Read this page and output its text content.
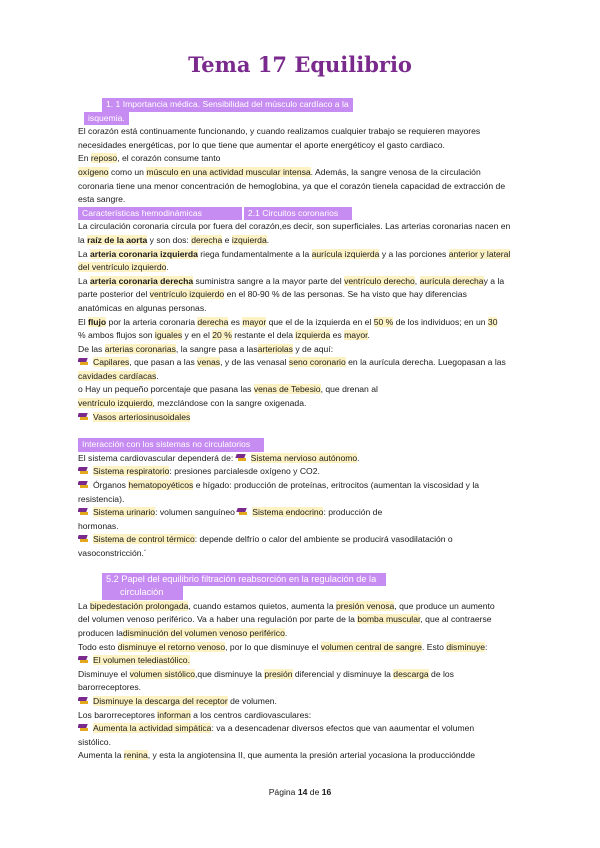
Tema 17 Equilibrio
1. 1 Importancia médica. Sensibilidad del músculo cardíaco a la
isquemia.
El corazón está continuamente funcionando, y cuando realizamos cualquier trabajo se requieren mayores
necesidades energéticas, por lo que tiene que aumentar el aporte energéticoy el gasto cardiaco.
En reposo, el corazón consume tanto
oxígeno como un músculo en una actividad muscular intensa. Además, la sangre venosa de la circulación
coronaria tiene una menor concentración de hemoglobina, ya que el corazón tienela capacidad de extracción de
esta sangre.
Características hemodinámicas	2.1 Circuitos coronarios
La circulación coronaria circula por fuera del corazón,es decir, son superficiales. Las arterias coronarias nacen en
la raíz de la aorta y son dos: derecha e izquierda.
La arteria coronaria izquierda riega fundamentalmente a la aurícula izquierda y a las porciones anterior y lateral
del ventrículo izquierdo.
La arteria coronaria derecha suministra sangre a la mayor parte del ventrículo derecho, aurícula derechay a la
parte posterior del ventrículo izquierdo en el 80-90 % de las personas. Se ha visto que hay diferencias
anatómicas en algunas personas.
El flujo por la arteria coronaria derecha es mayor que el de la izquierda en el 50 % de los individuos; en un 30
% ambos flujos son iguales y en el 20 % restante el dela izquierda es mayor.
De las arterias coronarias, la sangre pasa a lasarteriolas y de aquí:
Capilares, que pasan a las venas, y de las venasal seno coronario en la aurícula derecha. Luegopasan a las
cavidades cardíacas.
o Hay un pequeño porcentaje que pasana las venas de Tebesio, que drenan al
ventrículo izquierdo, mezclándose con la sangre oxigenada.
Vasos arteriosinusoidales
Interacción con los sistemas no circulatorios
El sistema cardiovascular dependerá de: Sistema nervioso autónomo.
Sistema respiratorio: presiones parcialesde oxígeno y CO2.
Órganos hematopoyéticos e hígado: producción de proteínas, eritrocitos (aumentan la viscosidad y la
resistencia).
Sistema urinario: volumen sanguíneo Sistema endocrino: producción de
hormonas.
Sistema de control térmico: depende delfrío o calor del ambiente se producirá vasodilatación o
vasoconstricción.´
5.2 Papel del equilibrio filtración reabsorción en la regulación de la
circulación
La bipedestación prolongada, cuando estamos quietos, aumenta la presión venosa, que produce un aumento
del volumen venoso periférico. Va a haber una regulación por parte de la bomba muscular, que al contraerse
producen ladisminución del volumen venoso periférico.
Todo esto disminuye el retorno venoso, por lo que disminuye el volumen central de sangre. Esto disminuye:
El volumen telediastólico.
Disminuye el volumen sistólico,que disminuye la presión diferencial y disminuye la descarga de los
barorreceptores.
Disminuye la descarga del receptor de volumen.
Los barorreceptores informan a los centros cardiovasculares:
Aumenta la actividad simpática: va a desencadenar diversos efectos que van aaumentar el volumen
sistólico.
Aumenta la renina, y esta la angiotensina II, que aumenta la presión arterial yocasiona la produccióndde
Página 14 de 16
